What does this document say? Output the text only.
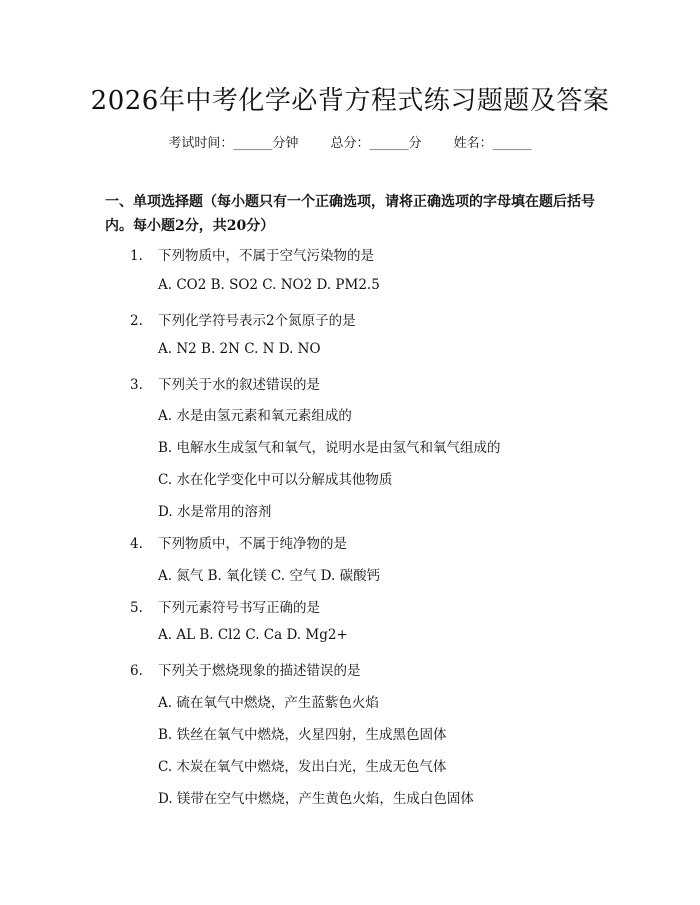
2026年中考化学必背方程式练习题题及答案
考试时间：______分钟 总分：______分 姓名：______
一、单项选择题（每小题只有一个正确选项，请将正确选项的字母填在题后括号内。每小题2分，共20分）
1. 下列物质中，不属于空气污染物的是
A. CO2 B. SO2 C. NO2 D. PM2.5
2. 下列化学符号表示2个氮原子的是
A. N2 B. 2N C. N D. NO
3. 下列关于水的叙述错误的是
A. 水是由氢元素和氧元素组成的
B. 电解水生成氢气和氧气，说明水是由氢气和氧气组成的
C. 水在化学变化中可以分解成其他物质
D. 水是常用的溶剂
4. 下列物质中，不属于纯净物的是
A. 氮气 B. 氧化镁 C. 空气 D. 碳酸钙
5. 下列元素符号书写正确的是
A. AL B. Cl2 C. Ca D. Mg2+
6. 下列关于燃烧现象的描述错误的是
A. 硫在氧气中燃烧，产生蓝紫色火焰
B. 铁丝在氧气中燃烧，火星四射，生成黑色固体
C. 木炭在氧气中燃烧，发出白光，生成无色气体
D. 镁带在空气中燃烧，产生黄色火焰，生成白色固体
